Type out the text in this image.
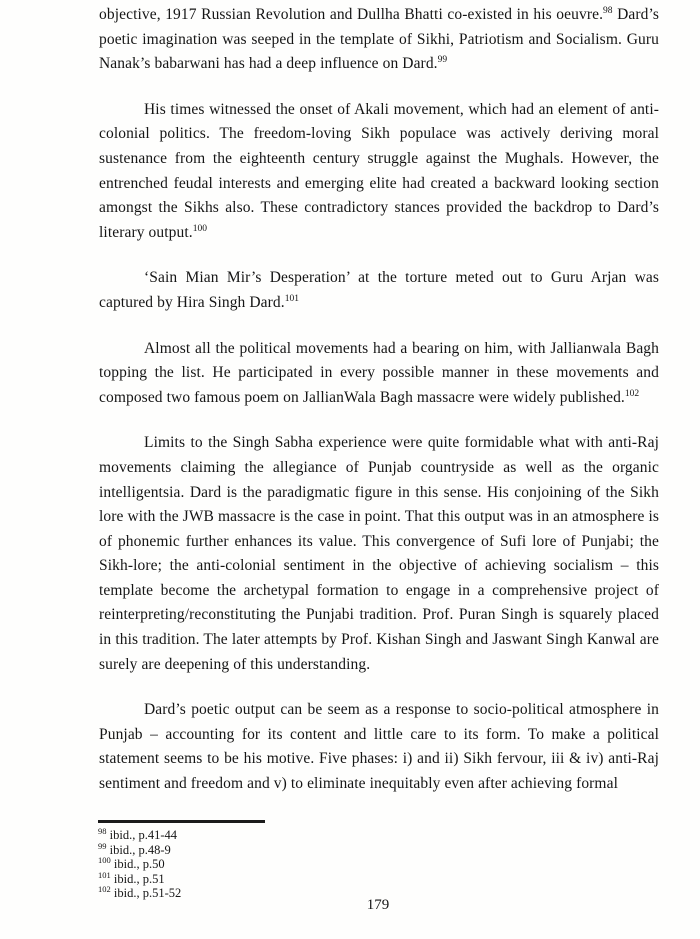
objective, 1917 Russian Revolution and Dullha Bhatti co-existed in his oeuvre.$^{98}$ Dard’s poetic imagination was seeped in the template of Sikhi, Patriotism and Socialism. Guru Nanak’s babarwani has had a deep influence on Dard.$^{99}$

His times witnessed the onset of Akali movement, which had an element of anti-colonial politics. The freedom-loving Sikh populace was actively deriving moral sustenance from the eighteenth century struggle against the Mughals. However, the entrenched feudal interests and emerging elite had created a backward looking section amongst the Sikhs also. These contradictory stances provided the backdrop to Dard’s literary output.$^{100}$

‘Sain Mian Mir’s Desperation’ at the torture meted out to Guru Arjan was captured by Hira Singh Dard.$^{101}$

Almost all the political movements had a bearing on him, with Jallianwala Bagh topping the list. He participated in every possible manner in these movements and composed two famous poem on JallianWala Bagh massacre were widely published.$^{102}$

Limits to the Singh Sabha experience were quite formidable what with anti-Raj movements claiming the allegiance of Punjab countryside as well as the organic intelligentsia. Dard is the paradigmatic figure in this sense. His conjoining of the Sikh lore with the JWB massacre is the case in point. That this output was in an atmosphere is of phonemic further enhances its value. This convergence of Sufi lore of Punjabi; the Sikh-lore; the anti-colonial sentiment in the objective of achieving socialism – this template become the archetypal formation to engage in a comprehensive project of reinterpreting/reconstituting the Punjabi tradition. Prof. Puran Singh is squarely placed in this tradition. The later attempts by Prof. Kishan Singh and Jaswant Singh Kanwal are surely are deepening of this understanding.

Dard’s poetic output can be seem as a response to socio-political atmosphere in Punjab – accounting for its content and little care to its form. To make a political statement seems to be his motive. Five phases: i) and ii) Sikh fervour, iii & iv) anti-Raj sentiment and freedom and v) to eliminate inequitably even after achieving formal

$^{98}$ ibid., p.41-44
$^{99}$ ibid., p.48-9
$^{100}$ ibid., p.50
$^{101}$ ibid., p.51
$^{102}$ ibid., p.51-52
179
